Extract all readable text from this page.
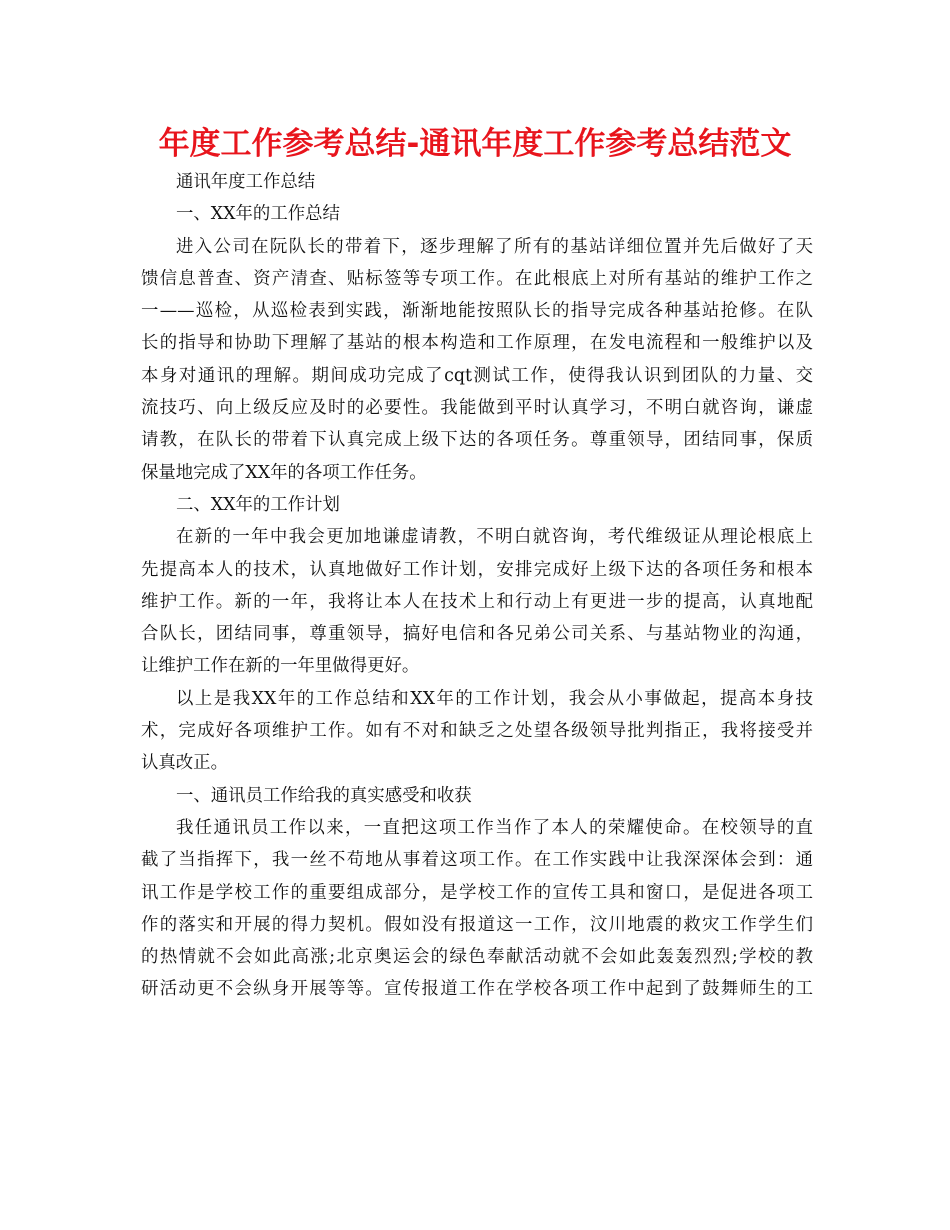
年度工作参考总结-通讯年度工作参考总结范文
通讯年度工作总结
一、XX年的工作总结
进入公司在阮队长的带着下，逐步理解了所有的基站详细位置并先后做好了天
馈信息普查、资产清查、贴标签等专项工作。在此根底上对所有基站的维护工作之
一——巡检，从巡检表到实践，渐渐地能按照队长的指导完成各种基站抢修。在队
长的指导和协助下理解了基站的根本构造和工作原理，在发电流程和一般维护以及
本身对通讯的理解。期间成功完成了cqt测试工作，使得我认识到团队的力量、交
流技巧、向上级反应及时的必要性。我能做到平时认真学习，不明白就咨询，谦虚
请教，在队长的带着下认真完成上级下达的各项任务。尊重领导，团结同事，保质
保量地完成了XX年的各项工作任务。
二、XX年的工作计划
在新的一年中我会更加地谦虚请教，不明白就咨询，考代维级证从理论根底上
先提高本人的技术，认真地做好工作计划，安排完成好上级下达的各项任务和根本
维护工作。新的一年，我将让本人在技术上和行动上有更进一步的提高，认真地配
合队长，团结同事，尊重领导，搞好电信和各兄弟公司关系、与基站物业的沟通，
让维护工作在新的一年里做得更好。
以上是我XX年的工作总结和XX年的工作计划，我会从小事做起，提高本身技
术，完成好各项维护工作。如有不对和缺乏之处望各级领导批判指正，我将接受并
认真改正。
一、通讯员工作给我的真实感受和收获
我任通讯员工作以来，一直把这项工作当作了本人的荣耀使命。在校领导的直
截了当指挥下，我一丝不苟地从事着这项工作。在工作实践中让我深深体会到：通
讯工作是学校工作的重要组成部分，是学校工作的宣传工具和窗口，是促进各项工
作的落实和开展的得力契机。假如没有报道这一工作，汶川地震的救灾工作学生们
的热情就不会如此高涨;北京奥运会的绿色奉献活动就不会如此轰轰烈烈;学校的教
研活动更不会纵身开展等等。宣传报道工作在学校各项工作中起到了鼓舞师生的工
